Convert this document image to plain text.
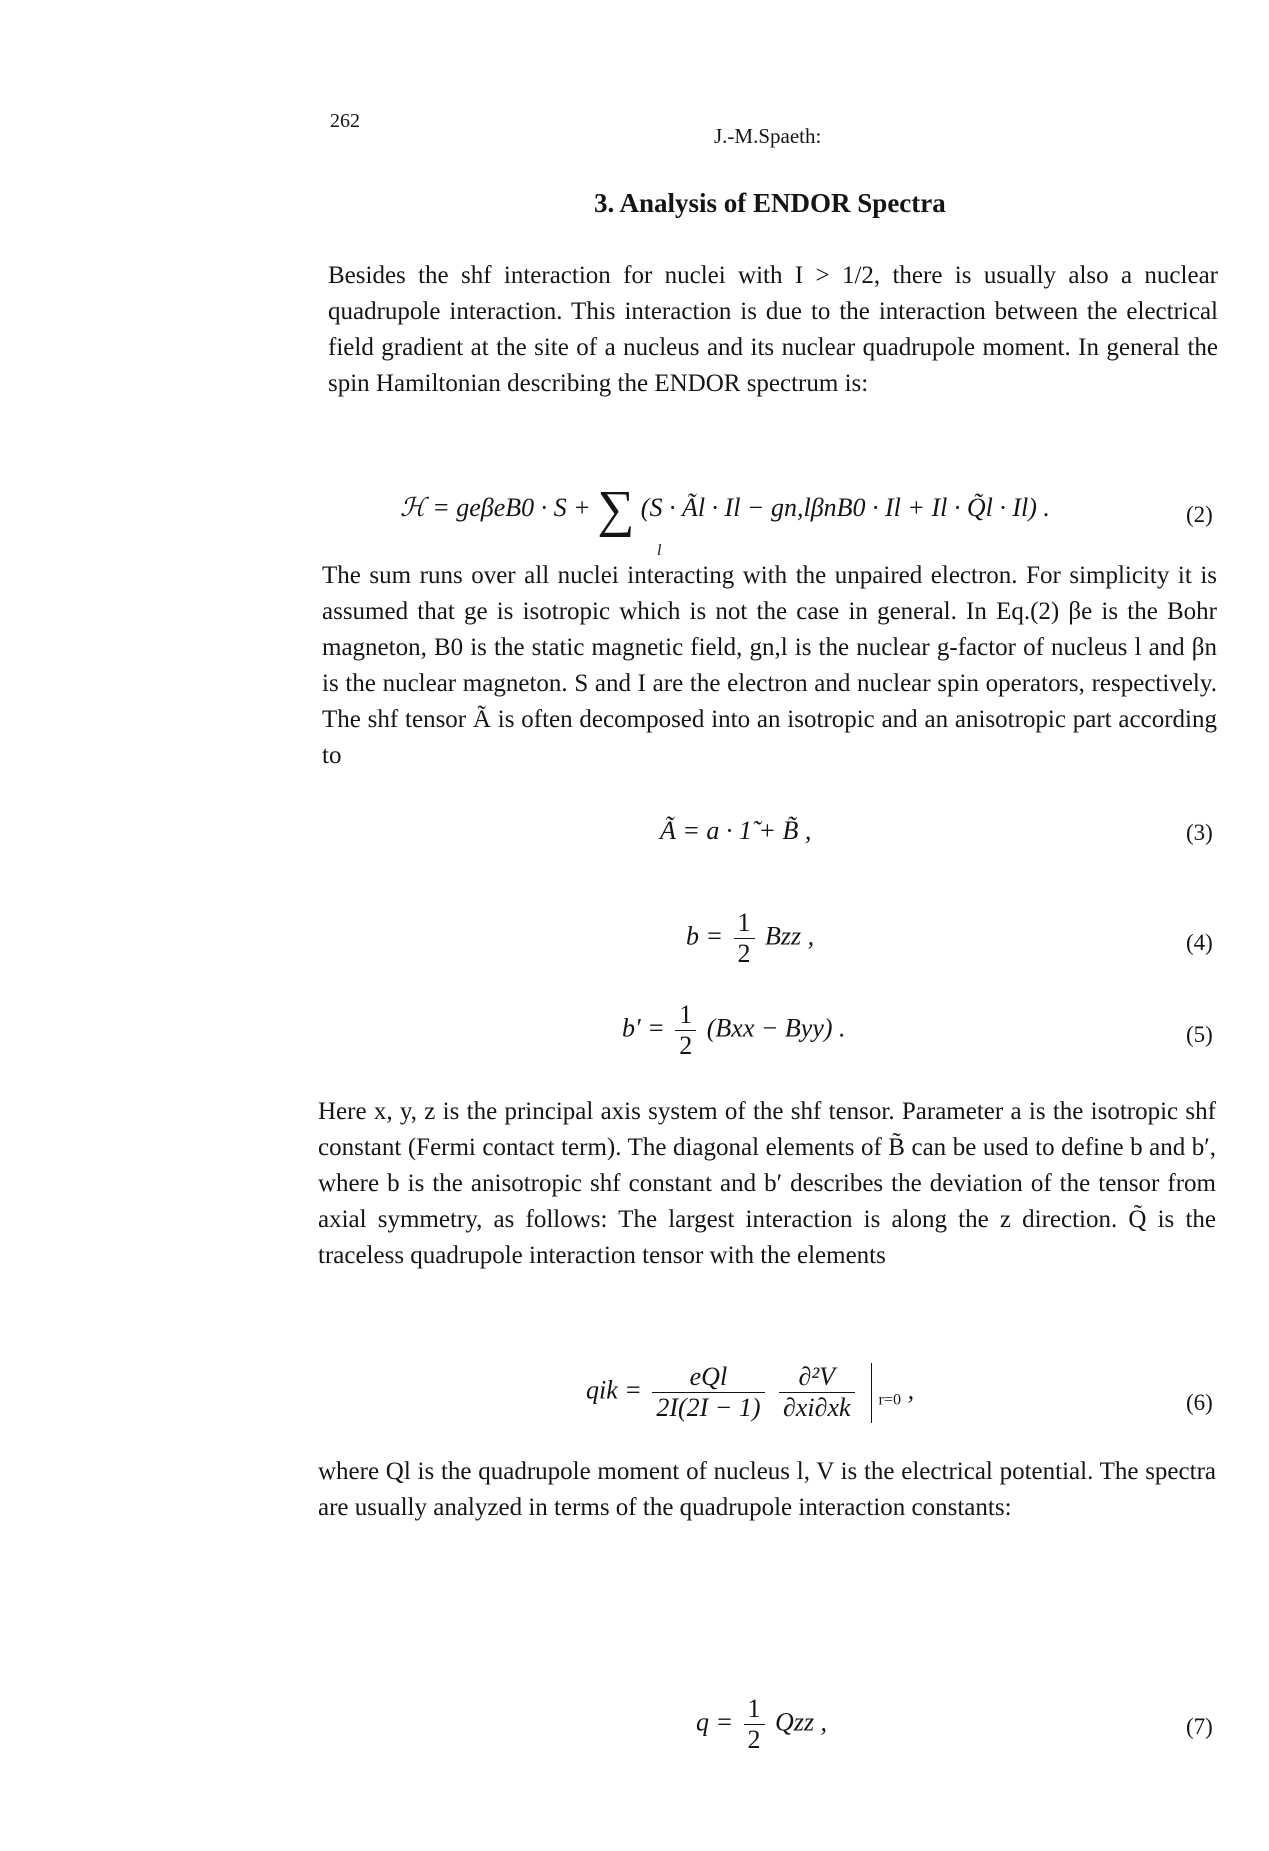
262
J.-M.Spaeth:
3. Analysis of ENDOR Spectra

Besides the shf interaction for nuclei with I > 1/2, there is usually also a nuclear quadrupole interaction. This interaction is due to the interaction between the electrical field gradient at the site of a nucleus and its nuclear quadrupole moment. In general the spin Hamiltonian describing the ENDOR spectrum is:

ℋ = geβeB0 · S + ∑ (S · Ãl · Il − gn,lβnB0 · Il + Il · Q̃l · Il) .
l
(2)

The sum runs over all nuclei interacting with the unpaired electron. For simplicity it is assumed that ge is isotropic which is not the case in general. In Eq.(2) βe is the Bohr magneton, B0 is the static magnetic field, gn,l is the nuclear g-factor of nucleus l and βn is the nuclear magneton. S and I are the electron and nuclear spin operators, respectively. The shf tensor Ã is often decomposed into an isotropic and an anisotropic part according to

Ã = a · 1̃ + B̃ ,	(3)
$b = \frac{1}{2}$ Bzz ,	(4)
$b' = \frac{1}{2} (Bxx - Byy)$ .	(5)

Here x, y, z is the principal axis system of the shf tensor. Parameter a is the isotropic shf constant (Fermi contact term). The diagonal elements of B̃ can be used to define b and b′, where b is the anisotropic shf constant and b′ describes the deviation of the tensor from axial symmetry, as follows: The largest interaction is along the z direction. Q̃ is the traceless quadrupole interaction tensor with the elements

qik = $\frac{\text{eQl}}{2I(2I - 1)}$
$\frac{\text{∂²V}}{\partial xi\partial xk} _{r=0}$ ,	(6)

where Ql is the quadrupole moment of nucleus l, V is the electrical potential. The spectra are usually analyzed in terms of the quadrupole interaction constants:

$q = \frac{1}{2}$ Qzz ,	(7)
